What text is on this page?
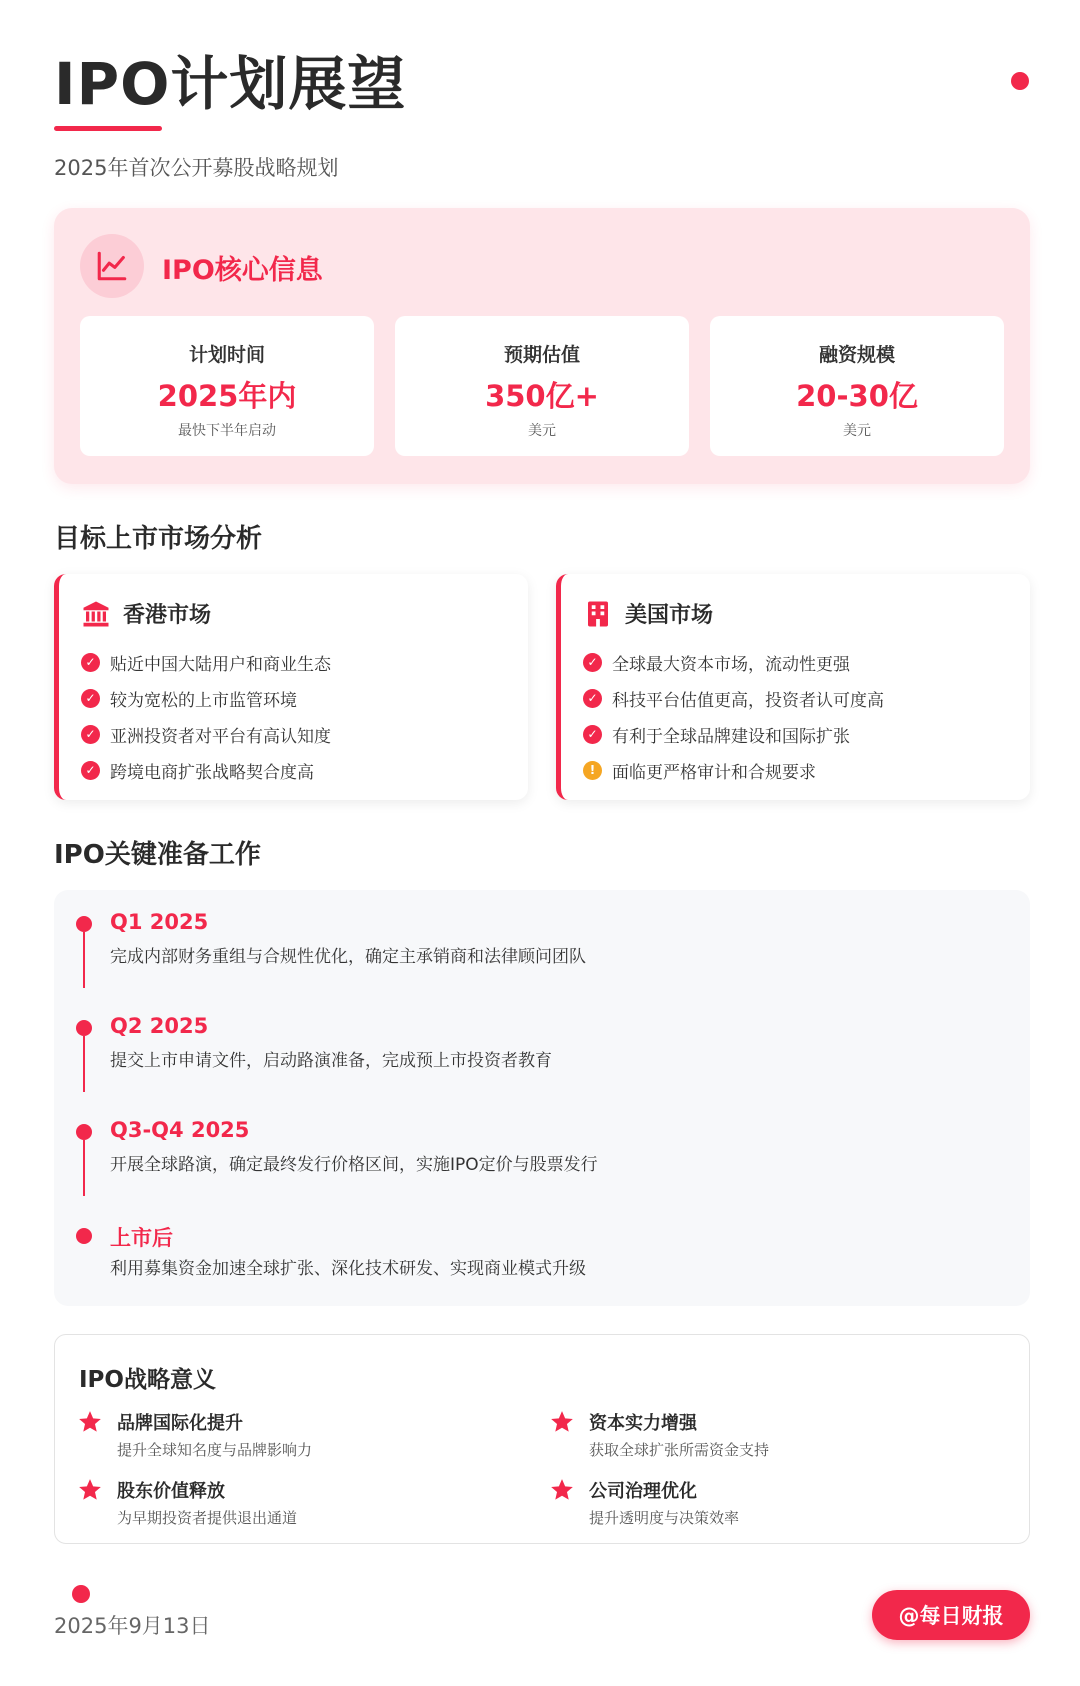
IPO计划展望
2025年首次公开募股战略规划
IPO核心信息
计划时间
2025年内
最快下半年启动
预期估值
350亿+
美元
融资规模
20-30亿
美元
目标上市市场分析
香港市场
✓ 贴近中国大陆用户和商业生态
✓ 较为宽松的上市监管环境
✓ 亚洲投资者对平台有高认知度
✓ 跨境电商扩张战略契合度高
美国市场
✓ 全球最大资本市场，流动性更强
✓ 科技平台估值更高，投资者认可度高
✓ 有利于全球品牌建设和国际扩张
! 面临更严格审计和合规要求
IPO关键准备工作
Q1 2025
完成内部财务重组与合规性优化，确定主承销商和法律顾问团队
Q2 2025
提交上市申请文件，启动路演准备，完成预上市投资者教育
Q3-Q4 2025
开展全球路演，确定最终发行价格区间，实施IPO定价与股票发行
上市后
利用募集资金加速全球扩张、深化技术研发、实现商业模式升级
IPO战略意义
品牌国际化提升
提升全球知名度与品牌影响力
资本实力增强
获取全球扩张所需资金支持
股东价值释放
为早期投资者提供退出通道
公司治理优化
提升透明度与决策效率
2025年9月13日	@每日财报
